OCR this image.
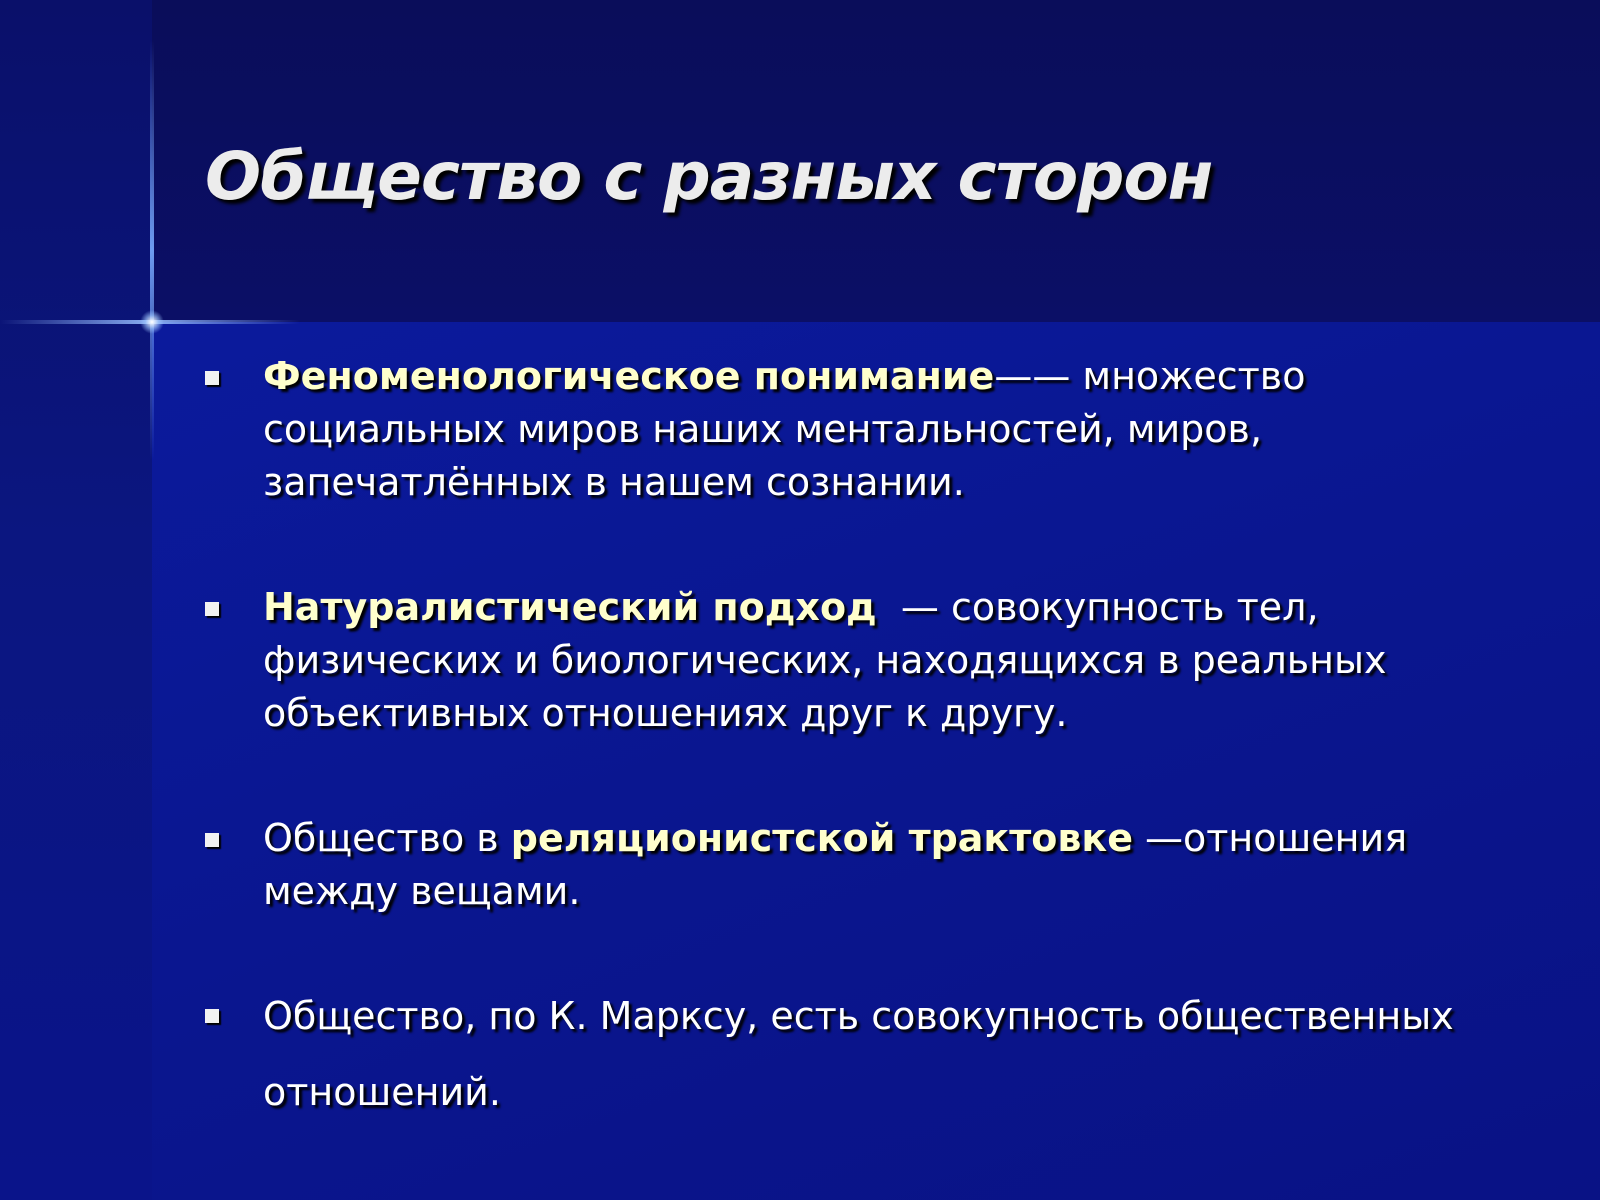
Общество с разных сторон
Феноменологическое понимание—— множество социальных миров наших ментальностей, миров, запечатлённых в нашем сознании.
Натуралистический подход  — совокупность тел, физических и биологических, находящихся в реальных объективных отношениях друг к другу.
Общество в реляционистской трактовке —отношения между вещами.
Общество, по К. Марксу, есть совокупность общественных отношений.
